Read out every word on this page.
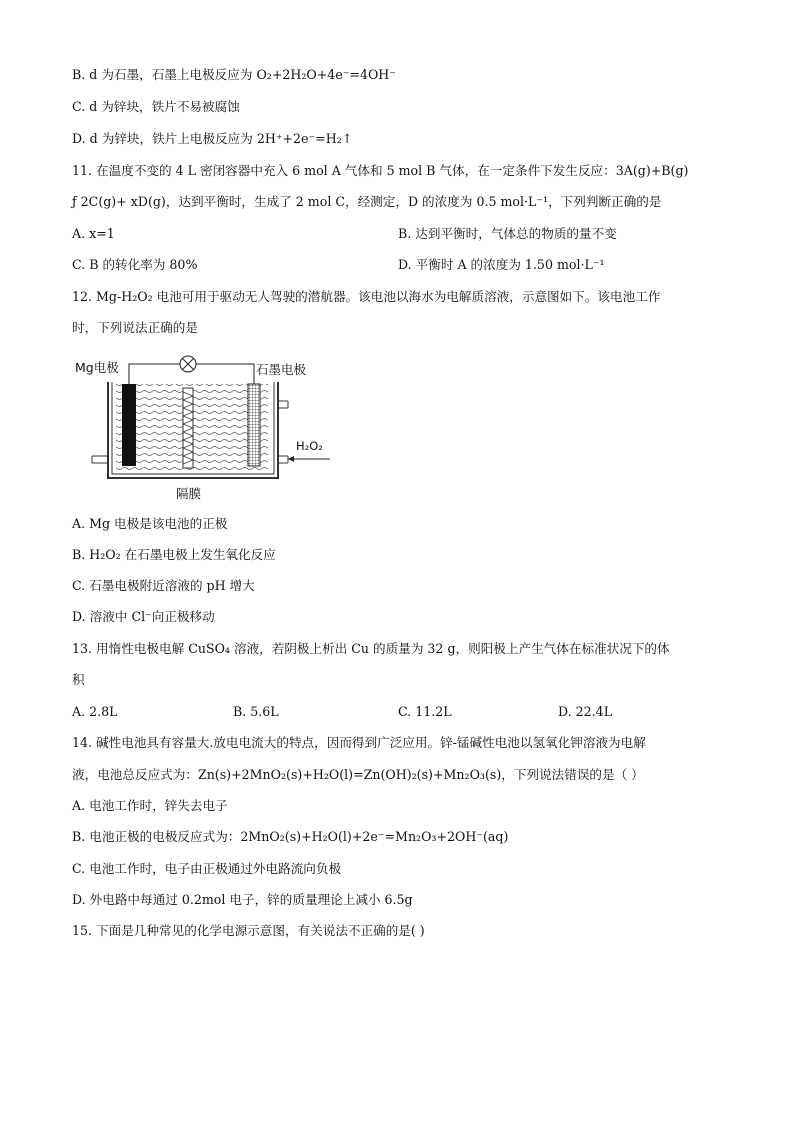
B. d 为石墨，石墨上电极反应为 O₂+2H₂O+4e⁻=4OH⁻
C. d 为锌块，铁片不易被腐蚀
D. d 为锌块，铁片上电极反应为 2H⁺+2e⁻=H₂↑
11. 在温度不变的 4 L 密闭容器中充入 6 mol A 气体和 5 mol B 气体，在一定条件下发生反应：3A(g)+B(g)
ƒ 2C(g)+ xD(g)，达到平衡时，生成了 2 mol C，经测定，D 的浓度为 0.5 mol·L⁻¹，下列判断正确的是
A. x=1	B. 达到平衡时，气体总的物质的量不变
C. B 的转化率为 80%	D. 平衡时 A 的浓度为 1.50 mol·L⁻¹
12. Mg-H₂O₂ 电池可用于驱动无人驾驶的潜航器。该电池以海水为电解质溶液，示意图如下。该电池工作
时，下列说法正确的是
Mg电极	石墨电极
H₂O₂
隔膜
A. Mg 电极是该电池的正极
B. H₂O₂ 在石墨电极上发生氧化反应
C. 石墨电极附近溶液的 pH 增大
D. 溶液中 Cl⁻向正极移动
13. 用惰性电极电解 CuSO₄ 溶液，若阴极上析出 Cu 的质量为 32 g，则阳极上产生气体在标准状况下的体
积
A. 2.8L	B. 5.6L	C. 11.2L	D. 22.4L
14. 碱性电池具有容量大.放电电流大的特点，因而得到广泛应用。锌-锰碱性电池以氢氧化钾溶液为电解
液，电池总反应式为：Zn(s)+2MnO₂(s)+H₂O(l)=Zn(OH)₂(s)+Mn₂O₃(s)，下列说法错误的是（ ）
A. 电池工作时，锌失去电子
B. 电池正极的电极反应式为：2MnO₂(s)+H₂O(l)+2e⁻=Mn₂O₃+2OH⁻(aq)
C. 电池工作时，电子由正极通过外电路流向负极
D. 外电路中每通过 0.2mol 电子，锌的质量理论上减小 6.5g
15. 下面是几种常见的化学电源示意图，有关说法不正确的是( )
